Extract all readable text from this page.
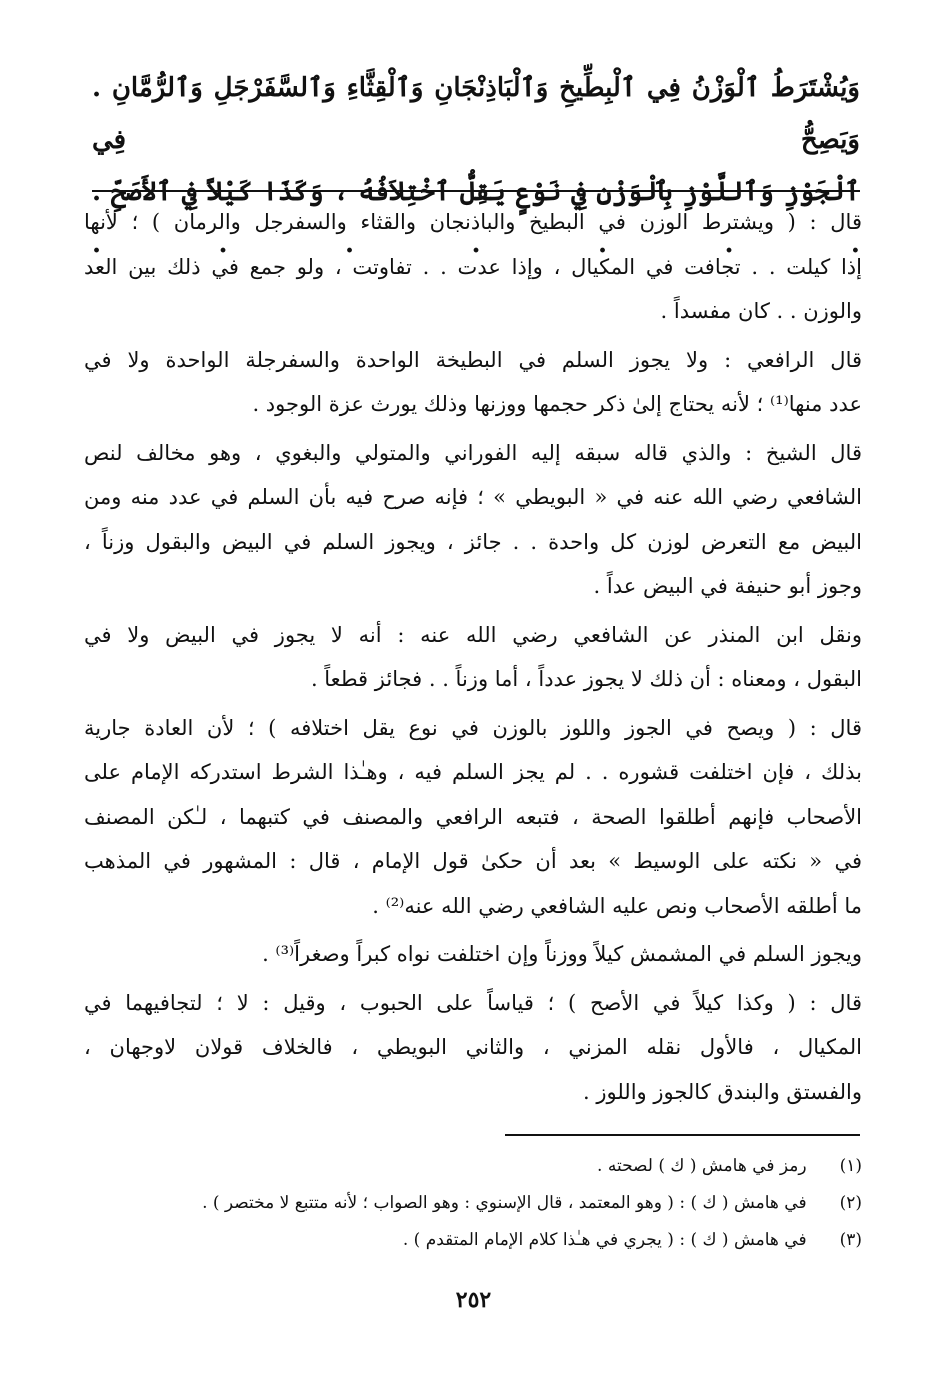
وَيُشْتَرَطُ ٱلْوَزْنُ فِي ٱلْبِطِّيخِ وَٱلْبَاذِنْجَانِ وَٱلْقِثَّاءِ وَٱلسَّفَرْجَلِ وَٱلرُّمَّانِ . وَيَصِحُّ فِي
ٱلْجَوْزِ وَٱللَّوْزِ بِٱلْوَزْنِ فِي نَوْعٍ يَقِلُّ ٱخْتِلاَفُهُ ، وَكَذَا كَيْلاً فِي ٱلأَصَحِّ . . . . . . . .
قال : ( ويشترط الوزن في البطيخ والباذنجان والقثاء والسفرجل والرمان ) ؛ لأنها
إذا كيلت . . تجافت في المكيال ، وإذا عدت . . تفاوتت ، ولو جمع في ذلك بين العد
والوزن . . كان مفسداً .
قال الرافعي : ولا يجوز السلم في البطيخة الواحدة والسفرجلة الواحدة ولا في
عدد منها⁽¹⁾ ؛ لأنه يحتاج إلىٰ ذكر حجمها ووزنها وذلك يورث عزة الوجود .
قال الشيخ : والذي قاله سبقه إليه الفوراني والمتولي والبغوي ، وهو مخالف لنص
الشافعي رضي الله عنه في « البويطي » ؛ فإنه صرح فيه بأن السلم في عدد منه ومن
البيض مع التعرض لوزن كل واحدة . . جائز ، ويجوز السلم في البيض والبقول وزناً ،
وجوز أبو حنيفة في البيض عداً .
ونقل ابن المنذر عن الشافعي رضي الله عنه : أنه لا يجوز في البيض ولا في
البقول ، ومعناه : أن ذلك لا يجوز عدداً ، أما وزناً . . فجائز قطعاً .
قال : ( ويصح في الجوز واللوز بالوزن في نوع يقل اختلافه ) ؛ لأن العادة جارية
بذلك ، فإن اختلفت قشوره . . لم يجز السلم فيه ، وهـٰذا الشرط استدركه الإمام على
الأصحاب فإنهم أطلقوا الصحة ، فتبعه الرافعي والمصنف في كتبهما ، لـٰكن المصنف
في « نكته على الوسيط » بعد أن حكىٰ قول الإمام ، قال : المشهور في المذهب
ما أطلقه الأصحاب ونص عليه الشافعي رضي الله عنه⁽²⁾ .
ويجوز السلم في المشمش كيلاً ووزناً وإن اختلفت نواه كبراً وصغراً⁽³⁾ .
قال : ( وكذا كيلاً في الأصح ) ؛ قياساً على الحبوب ، وقيل : لا ؛ لتجافيهما في
المكيال ، فالأول نقله المزني ، والثاني البويطي ، فالخلاف قولان لاوجهان ،
والفستق والبندق كالجوز واللوز .
(١) رمز في هامش ( ك ) لصحته .
(٢) في هامش ( ك ) : ( وهو المعتمد ، قال الإسنوي : وهو الصواب ؛ لأنه متتبع لا مختصر ) .
(٣) في هامش ( ك ) : ( يجري في هـٰذا كلام الإمام المتقدم ) .
٢٥٢
